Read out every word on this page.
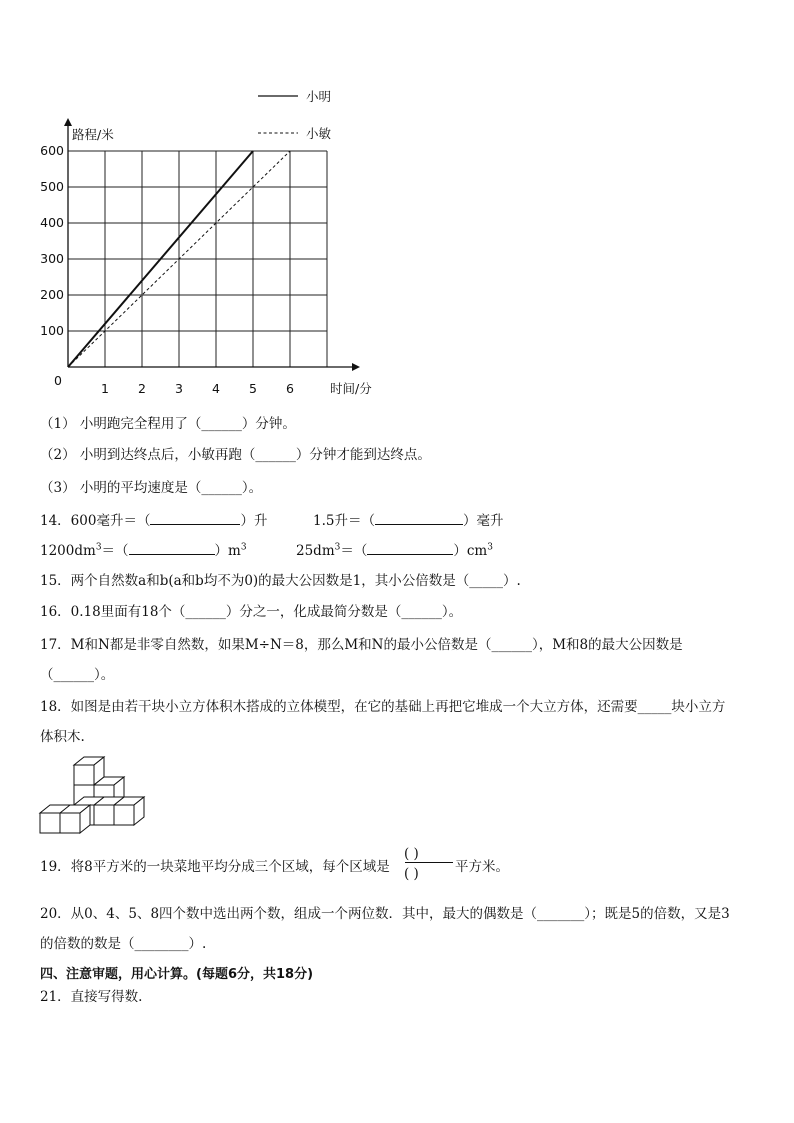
1 2 3 4 5 6
100
200
300
400
500
600
0
时间/分
路程/米
小明
小敏
（1） 小明跑完全程用了（______）分钟。
（2） 小明到达终点后，小敏再跑（______）分钟才能到达终点。
（3） 小明的平均速度是（______）。
14．600毫升＝（	）升	1.5升＝（	）毫升
$1200dm^3=$（	）$m^3$	$25dm^3=$（	）$cm^3$
15．两个自然数a和b(a和b均不为0)的最大公因数是1，其小公倍数是（_____）.
16．0.18里面有18个（______）分之一，化成最简分数是（______）。
17．M和N都是非零自然数，如果M÷N＝8，那么M和N的最小公倍数是（______），M和8的最大公因数是
（______）。
18．如图是由若干块小立方体积木搭成的立体模型，在它的基础上再把它堆成一个大立方体，还需要_____块小立方
体积木.
19．将8平方米的一块菜地平均分成三个区域，每个区域是
( )
( )	平方米。
20．从0、4、5、8四个数中选出两个数，组成一个两位数．其中，最大的偶数是（_______）；既是5的倍数，又是3
的倍数的数是（________）.
四、注意审题，用心计算。(每题6分，共18分)
21．直接写得数.
